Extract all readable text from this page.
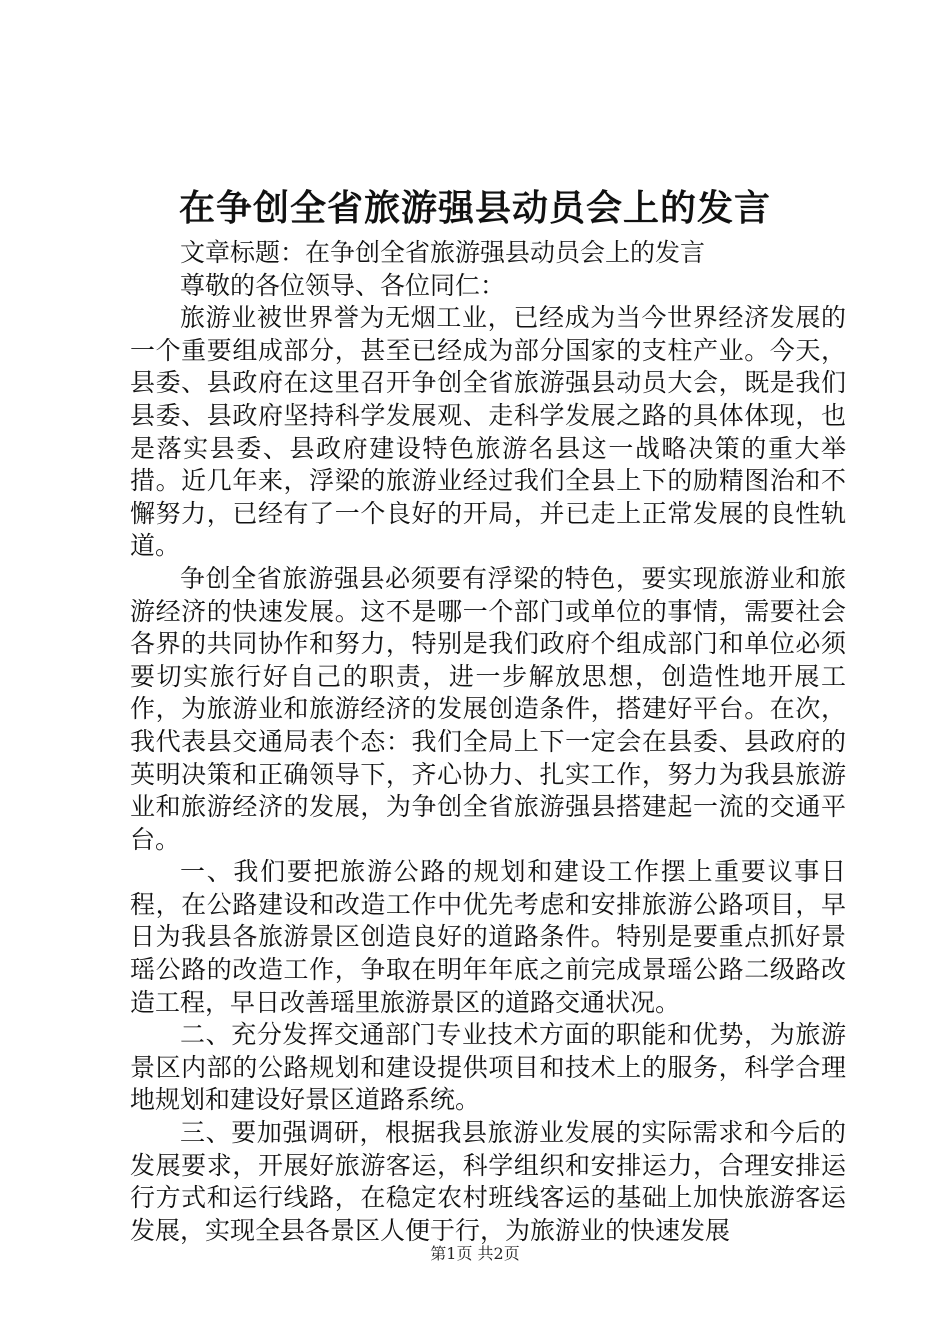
在争创全省旅游强县动员会上的发言

文章标题：在争创全省旅游强县动员会上的发言

尊敬的各位领导、各位同仁：

旅游业被世界誉为无烟工业，已经成为当今世界经济发展的一个重要组成部分，甚至已经成为部分国家的支柱产业。今天，县委、县政府在这里召开争创全省旅游强县动员大会，既是我们县委、县政府坚持科学发展观、走科学发展之路的具体体现，也是落实县委、县政府建设特色旅游名县这一战略决策的重大举措。近几年来，浮梁的旅游业经过我们全县上下的励精图治和不懈努力，已经有了一个良好的开局，并已走上正常发展的良性轨道。

争创全省旅游强县必须要有浮梁的特色，要实现旅游业和旅游经济的快速发展。这不是哪一个部门或单位的事情，需要社会各界的共同协作和努力，特别是我们政府个组成部门和单位必须要切实旅行好自己的职责，进一步解放思想，创造性地开展工作，为旅游业和旅游经济的发展创造条件，搭建好平台。在次，我代表县交通局表个态：我们全局上下一定会在县委、县政府的英明决策和正确领导下，齐心协力、扎实工作，努力为我县旅游业和旅游经济的发展，为争创全省旅游强县搭建起一流的交通平台。

一、我们要把旅游公路的规划和建设工作摆上重要议事日程，在公路建设和改造工作中优先考虑和安排旅游公路项目，早日为我县各旅游景区创造良好的道路条件。特别是要重点抓好景瑶公路的改造工作，争取在明年年底之前完成景瑶公路二级路改造工程，早日改善瑶里旅游景区的道路交通状况。

二、充分发挥交通部门专业技术方面的职能和优势，为旅游景区内部的公路规划和建设提供项目和技术上的服务，科学合理地规划和建设好景区道路系统。

三、要加强调研，根据我县旅游业发展的实际需求和今后的发展要求，开展好旅游客运，科学组织和安排运力，合理安排运行方式和运行线路，在稳定农村班线客运的基础上加快旅游客运发展，实现全县各景区人便于行，为旅游业的快速发展

第1页 共2页
